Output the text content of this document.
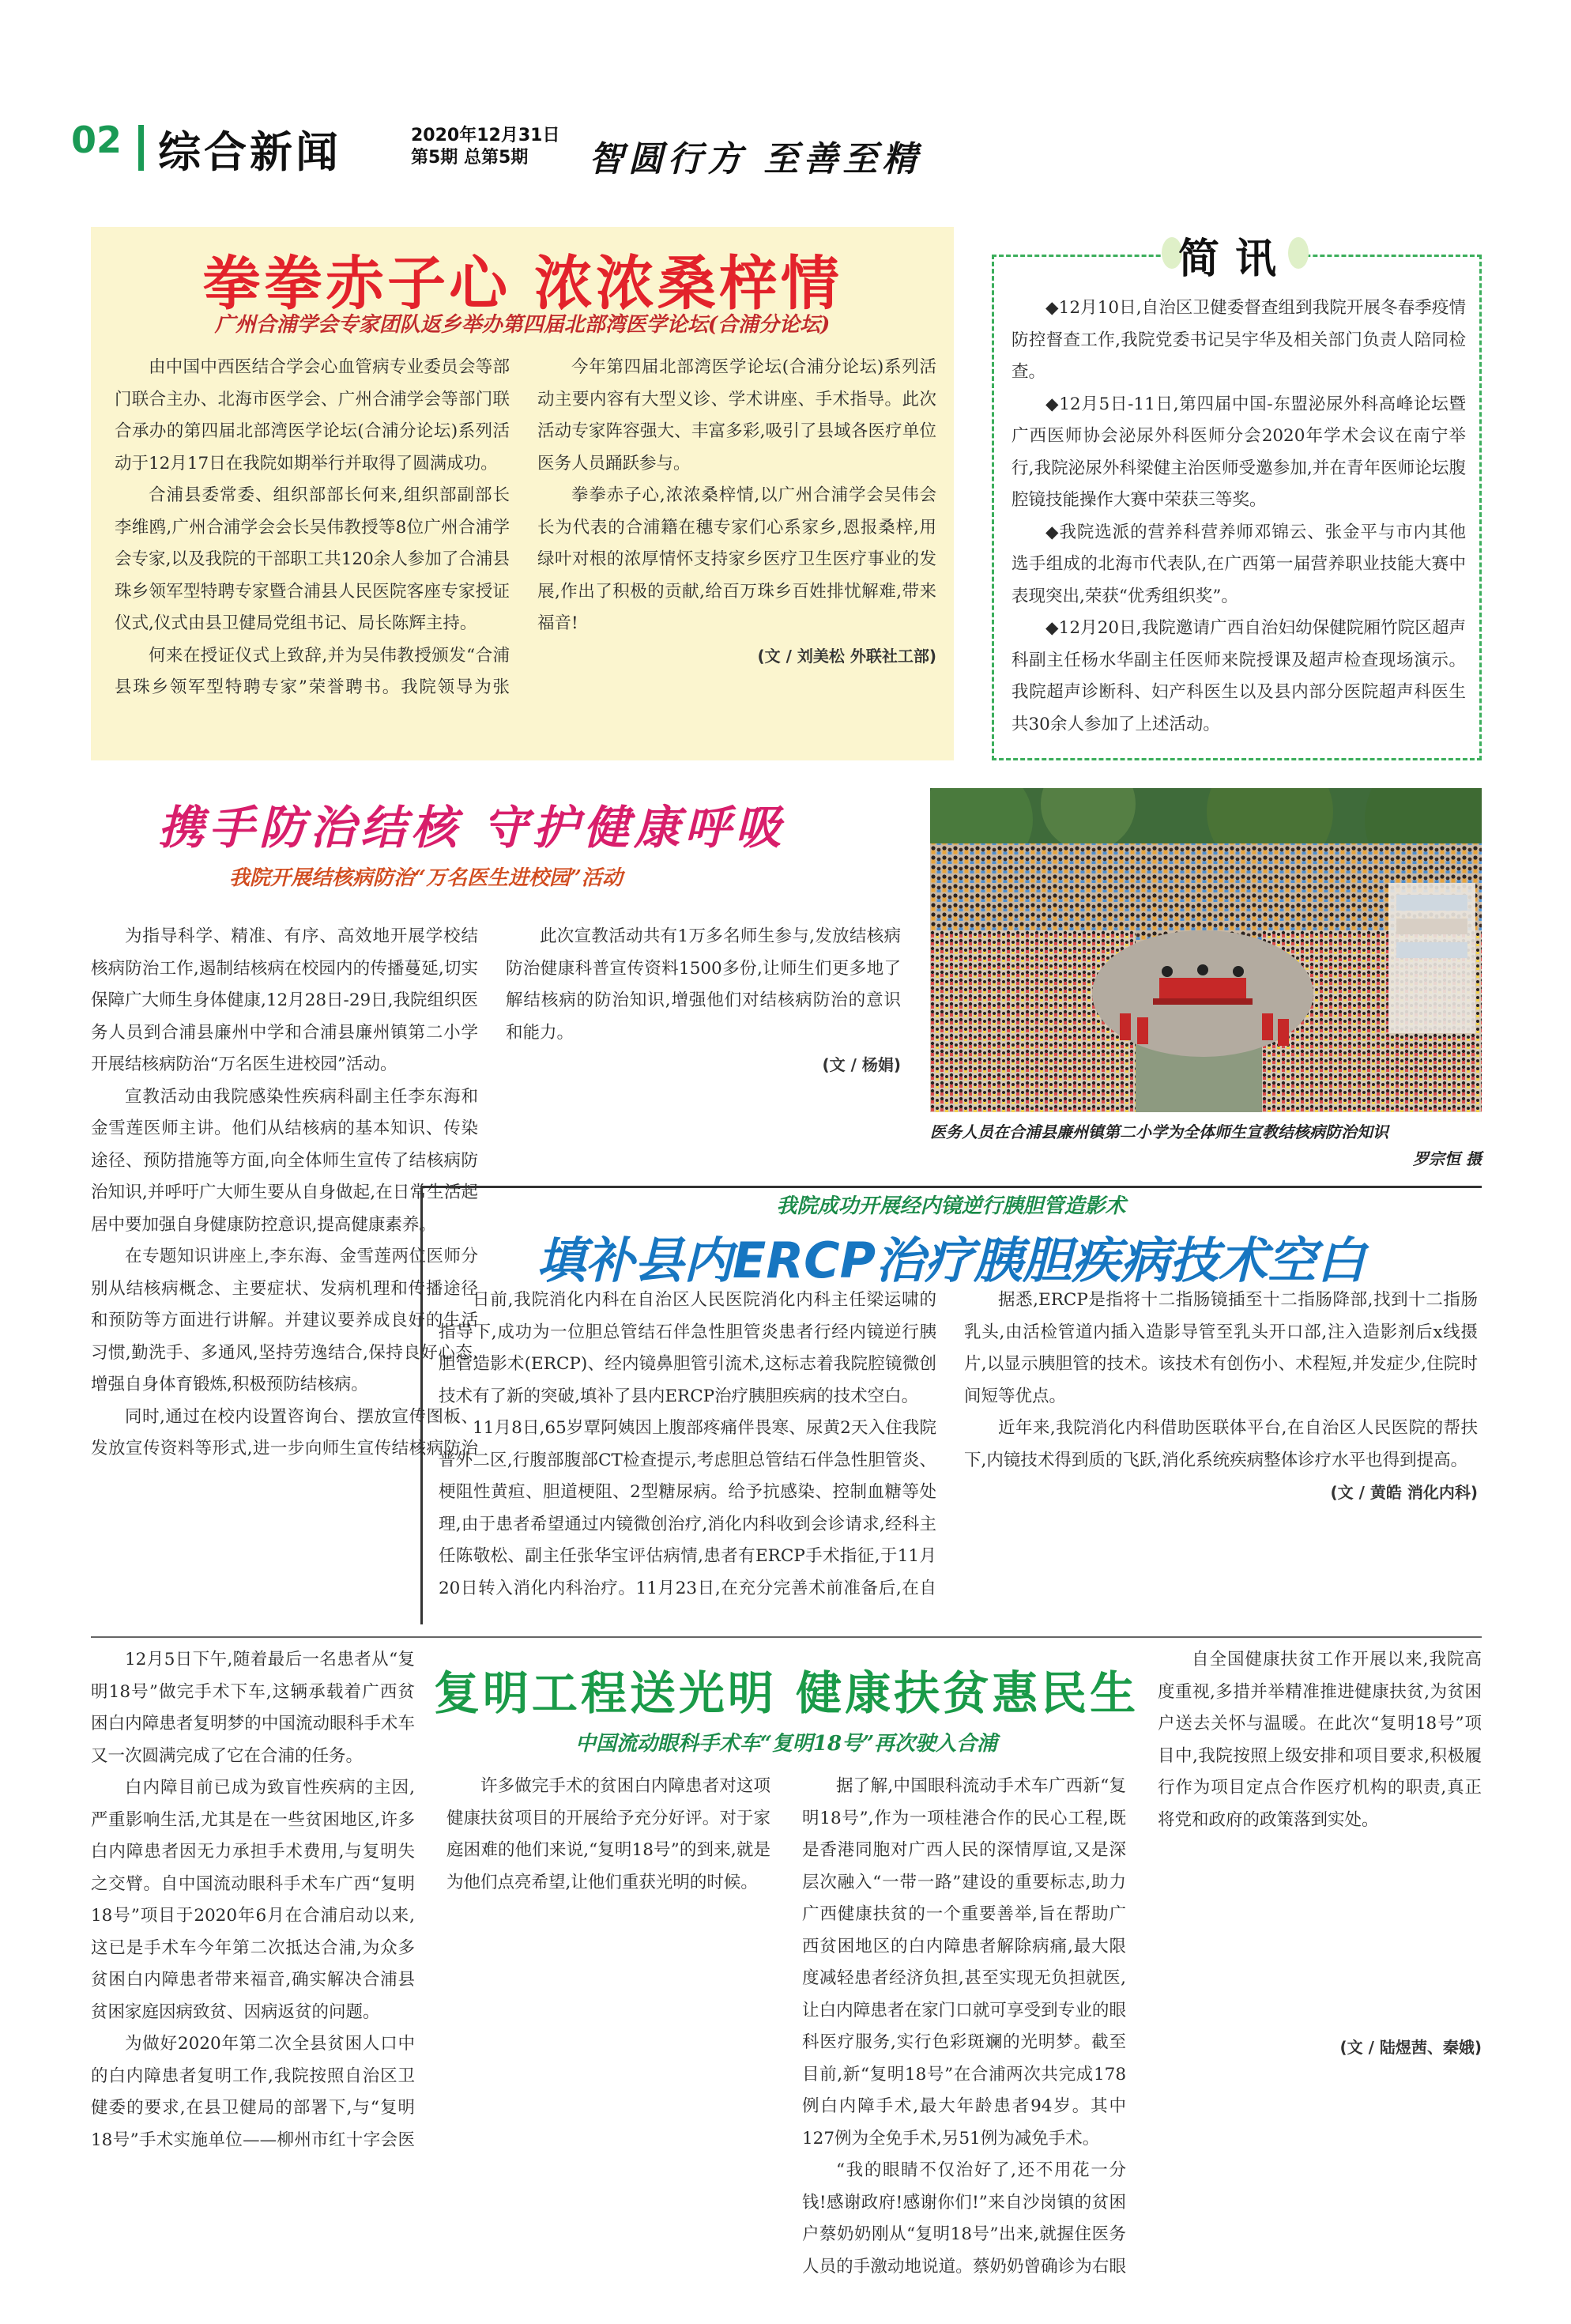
02 综合新闻	2020年12月31日
第5期 总第5期	智圆行方 至善至精
拳拳赤子心 浓浓桑梓情
广州合浦学会专家团队返乡举办第四届北部湾医学论坛(合浦分论坛)

由中国中西医结合学会心血管病专业委员会等部门联合主办、北海市医学会、广州合浦学会等部门联合承办的第四届北部湾医学论坛(合浦分论坛)系列活动于12月17日在我院如期举行并取得了圆满成功。

合浦县委常委、组织部部长何来,组织部副部长李维鸥,广州合浦学会会长吴伟教授等8位广州合浦学会专家,以及我院的干部职工共120余人参加了合浦县珠乡领军型特聘专家暨合浦县人民医院客座专家授证仪式,仪式由县卫健局党组书记、局长陈辉主持。

何来在授证仪式上致辞,并为吴伟教授颁发“合浦县珠乡领军型特聘专家”荣誉聘书。我院领导为张

今年第四届北部湾医学论坛(合浦分论坛)系列活动主要内容有大型义诊、学术讲座、手术指导。此次活动专家阵容强大、丰富多彩,吸引了县域各医疗单位医务人员踊跃参与。

拳拳赤子心,浓浓桑梓情,以广州合浦学会吴伟会长为代表的合浦籍在穗专家们心系家乡,恩报桑梓,用绿叶对根的浓厚情怀支持家乡医疗卫生医疗事业的发展,作出了积极的贡献,给百万珠乡百姓排忧解难,带来福音!

(文 / 刘美松 外联社工部)
简讯

◆12月10日,自治区卫健委督查组到我院开展冬春季疫情防控督查工作,我院党委书记吴宇华及相关部门负责人陪同检查。

◆12月5日-11日,第四届中国-东盟泌尿外科高峰论坛暨广西医师协会泌尿外科医师分会2020年学术会议在南宁举行,我院泌尿外科梁健主治医师受邀参加,并在青年医师论坛腹腔镜技能操作大赛中荣获三等奖。

◆我院选派的营养科营养师邓锦云、张金平与市内其他选手组成的北海市代表队,在广西第一届营养职业技能大赛中表现突出,荣获“优秀组织奖”。

◆12月20日,我院邀请广西自治妇幼保健院厢竹院区超声科副主任杨水华副主任医师来院授课及超声检查现场演示。我院超声诊断科、妇产科医生以及县内部分医院超声科医生共30余人参加了上述活动。

携手防治结核 守护健康呼吸
我院开展结核病防治“万名医生进校园”活动

为指导科学、精准、有序、高效地开展学校结核病防治工作,遏制结核病在校园内的传播蔓延,切实保障广大师生身体健康,12月28日-29日,我院组织医务人员到合浦县廉州中学和合浦县廉州镇第二小学开展结核病防治“万名医生进校园”活动。

宣教活动由我院感染性疾病科副主任李东海和金雪莲医师主讲。他们从结核病的基本知识、传染途径、预防措施等方面,向全体师生宣传了结核病防治知识,并呼吁广大师生要从自身做起,在日常生活起居中要加强自身健康防控意识,提高健康素养。

在专题知识讲座上,李东海、金雪莲两位医师分别从结核病概念、主要症状、发病机理和传播途径和预防等方面进行讲解。并建议要养成良好的生活习惯,勤洗手、多通风,坚持劳逸结合,保持良好心态,增强自身体育锻炼,积极预防结核病。

同时,通过在校内设置咨询台、摆放宣传图板、发放宣传资料等形式,进一步向师生宣传结核病防治

此次宣教活动共有1万多名师生参与,发放结核病防治健康科普宣传资料1500多份,让师生们更多地了解结核病的防治知识,增强他们对结核病防治的意识和能力。

(文 / 杨娟)
医务人员在合浦县廉州镇第二小学为全体师生宣教结核病防治知识
罗宗恒 摄
我院成功开展经内镜逆行胰胆管造影术
填补县内ERCP治疗胰胆疾病技术空白

日前,我院消化内科在自治区人民医院消化内科主任梁运啸的指导下,成功为一位胆总管结石伴急性胆管炎患者行经内镜逆行胰胆管造影术(ERCP)、经内镜鼻胆管引流术,这标志着我院腔镜微创技术有了新的突破,填补了县内ERCP治疗胰胆疾病的技术空白。

11月8日,65岁覃阿姨因上腹部疼痛伴畏寒、尿黄2天入住我院普外二区,行腹部腹部CT检查提示,考虑胆总管结石伴急性胆管炎、梗阻性黄疸、胆道梗阻、2型糖尿病。给予抗感染、控制血糖等处理,由于患者希望通过内镜微创治疗,消化内科收到会诊请求,经科主任陈敬松、副主任张华宝评估病情,患者有ERCP手术指征,于11月20日转入消化内科治疗。11月23日,在充分完善术前准备后,在自

据悉,ERCP是指将十二指肠镜插至十二指肠降部,找到十二指肠乳头,由活检管道内插入造影导管至乳头开口部,注入造影剂后x线摄片,以显示胰胆管的技术。该技术有创伤小、术程短,并发症少,住院时间短等优点。

近年来,我院消化内科借助医联体平台,在自治区人民医院的帮扶下,内镜技术得到质的飞跃,消化系统疾病整体诊疗水平也得到提高。

(文 / 黄皓 消化内科)

12月5日下午,随着最后一名患者从“复明18号”做完手术下车,这辆承载着广西贫困白内障患者复明梦的中国流动眼科手术车又一次圆满完成了它在合浦的任务。

白内障目前已成为致盲性疾病的主因,严重影响生活,尤其是在一些贫困地区,许多白内障患者因无力承担手术费用,与复明失之交臂。自中国流动眼科手术车广西“复明18号”项目于2020年6月在合浦启动以来,这已是手术车今年第二次抵达合浦,为众多贫困白内障患者带来福音,确实解决合浦县贫困家庭因病致贫、因病返贫的问题。

为做好2020年第二次全县贫困人口中的白内障患者复明工作,我院按照自治区卫健委的要求,在县卫健局的部署下,与“复明18号”手术实施单位——柳州市红十字会医

复明工程送光明 健康扶贫惠民生
中国流动眼科手术车“复明18号”再次驶入合浦

许多做完手术的贫困白内障患者对这项健康扶贫项目的开展给予充分好评。对于家庭困难的他们来说,“复明18号”的到来,就是为他们点亮希望,让他们重获光明的时候。

据了解,中国眼科流动手术车广西新“复明18号”,作为一项桂港合作的民心工程,既是香港同胞对广西人民的深情厚谊,又是深层次融入“一带一路”建设的重要标志,助力广西健康扶贫的一个重要善举,旨在帮助广西贫困地区的白内障患者解除病痛,最大限度减轻患者经济负担,甚至实现无负担就医,让白内障患者在家门口就可享受到专业的眼科医疗服务,实行色彩斑斓的光明梦。截至目前,新“复明18号”在合浦两次共完成178例白内障手术,最大年龄患者94岁。其中127例为全免手术,另51例为减免手术。

“我的眼睛不仅治好了,还不用花一分钱!感谢政府!感谢你们!”来自沙岗镇的贫困户蔡奶奶刚从“复明18号”出来,就握住医务人员的手激动地说道。蔡奶奶曾确诊为右眼

自全国健康扶贫工作开展以来,我院高度重视,多措并举精准推进健康扶贫,为贫困户送去关怀与温暖。在此次“复明18号”项目中,我院按照上级安排和项目要求,积极履行作为项目定点合作医疗机构的职责,真正将党和政府的政策落到实处。

(文 / 陆煜茜、秦娥)
